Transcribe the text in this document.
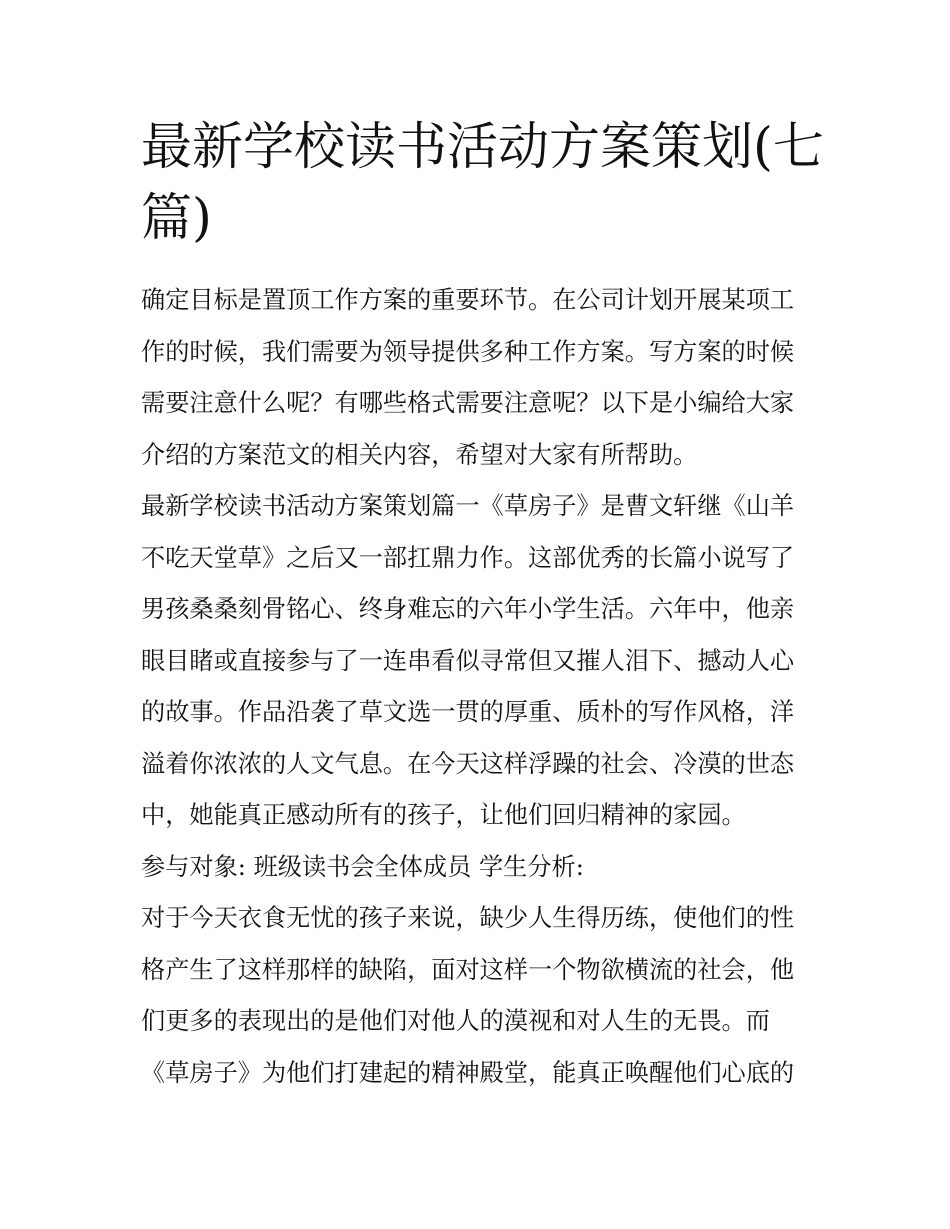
最新学校读书活动方案策划(七
篇)

确定目标是置顶工作方案的重要环节。在公司计划开展某项工
作的时候，我们需要为领导提供多种工作方案。写方案的时候
需要注意什么呢？有哪些格式需要注意呢？以下是小编给大家
介绍的方案范文的相关内容，希望对大家有所帮助。

最新学校读书活动方案策划篇一《草房子》是曹文轩继《山羊
不吃天堂草》之后又一部扛鼎力作。这部优秀的长篇小说写了
男孩桑桑刻骨铭心、终身难忘的六年小学生活。六年中，他亲
眼目睹或直接参与了一连串看似寻常但又摧人泪下、撼动人心
的故事。作品沿袭了草文选一贯的厚重、质朴的写作风格，洋
溢着你浓浓的人文气息。在今天这样浮躁的社会、冷漠的世态
中，她能真正感动所有的孩子，让他们回归精神的家园。

参与对象: 班级读书会全体成员 学生分析:

对于今天衣食无忧的孩子来说，缺少人生得历练，使他们的性
格产生了这样那样的缺陷，面对这样一个物欲横流的社会，他
们更多的表现出的是他们对他人的漠视和对人生的无畏。而
《草房子》为他们打建起的精神殿堂，能真正唤醒他们心底的
